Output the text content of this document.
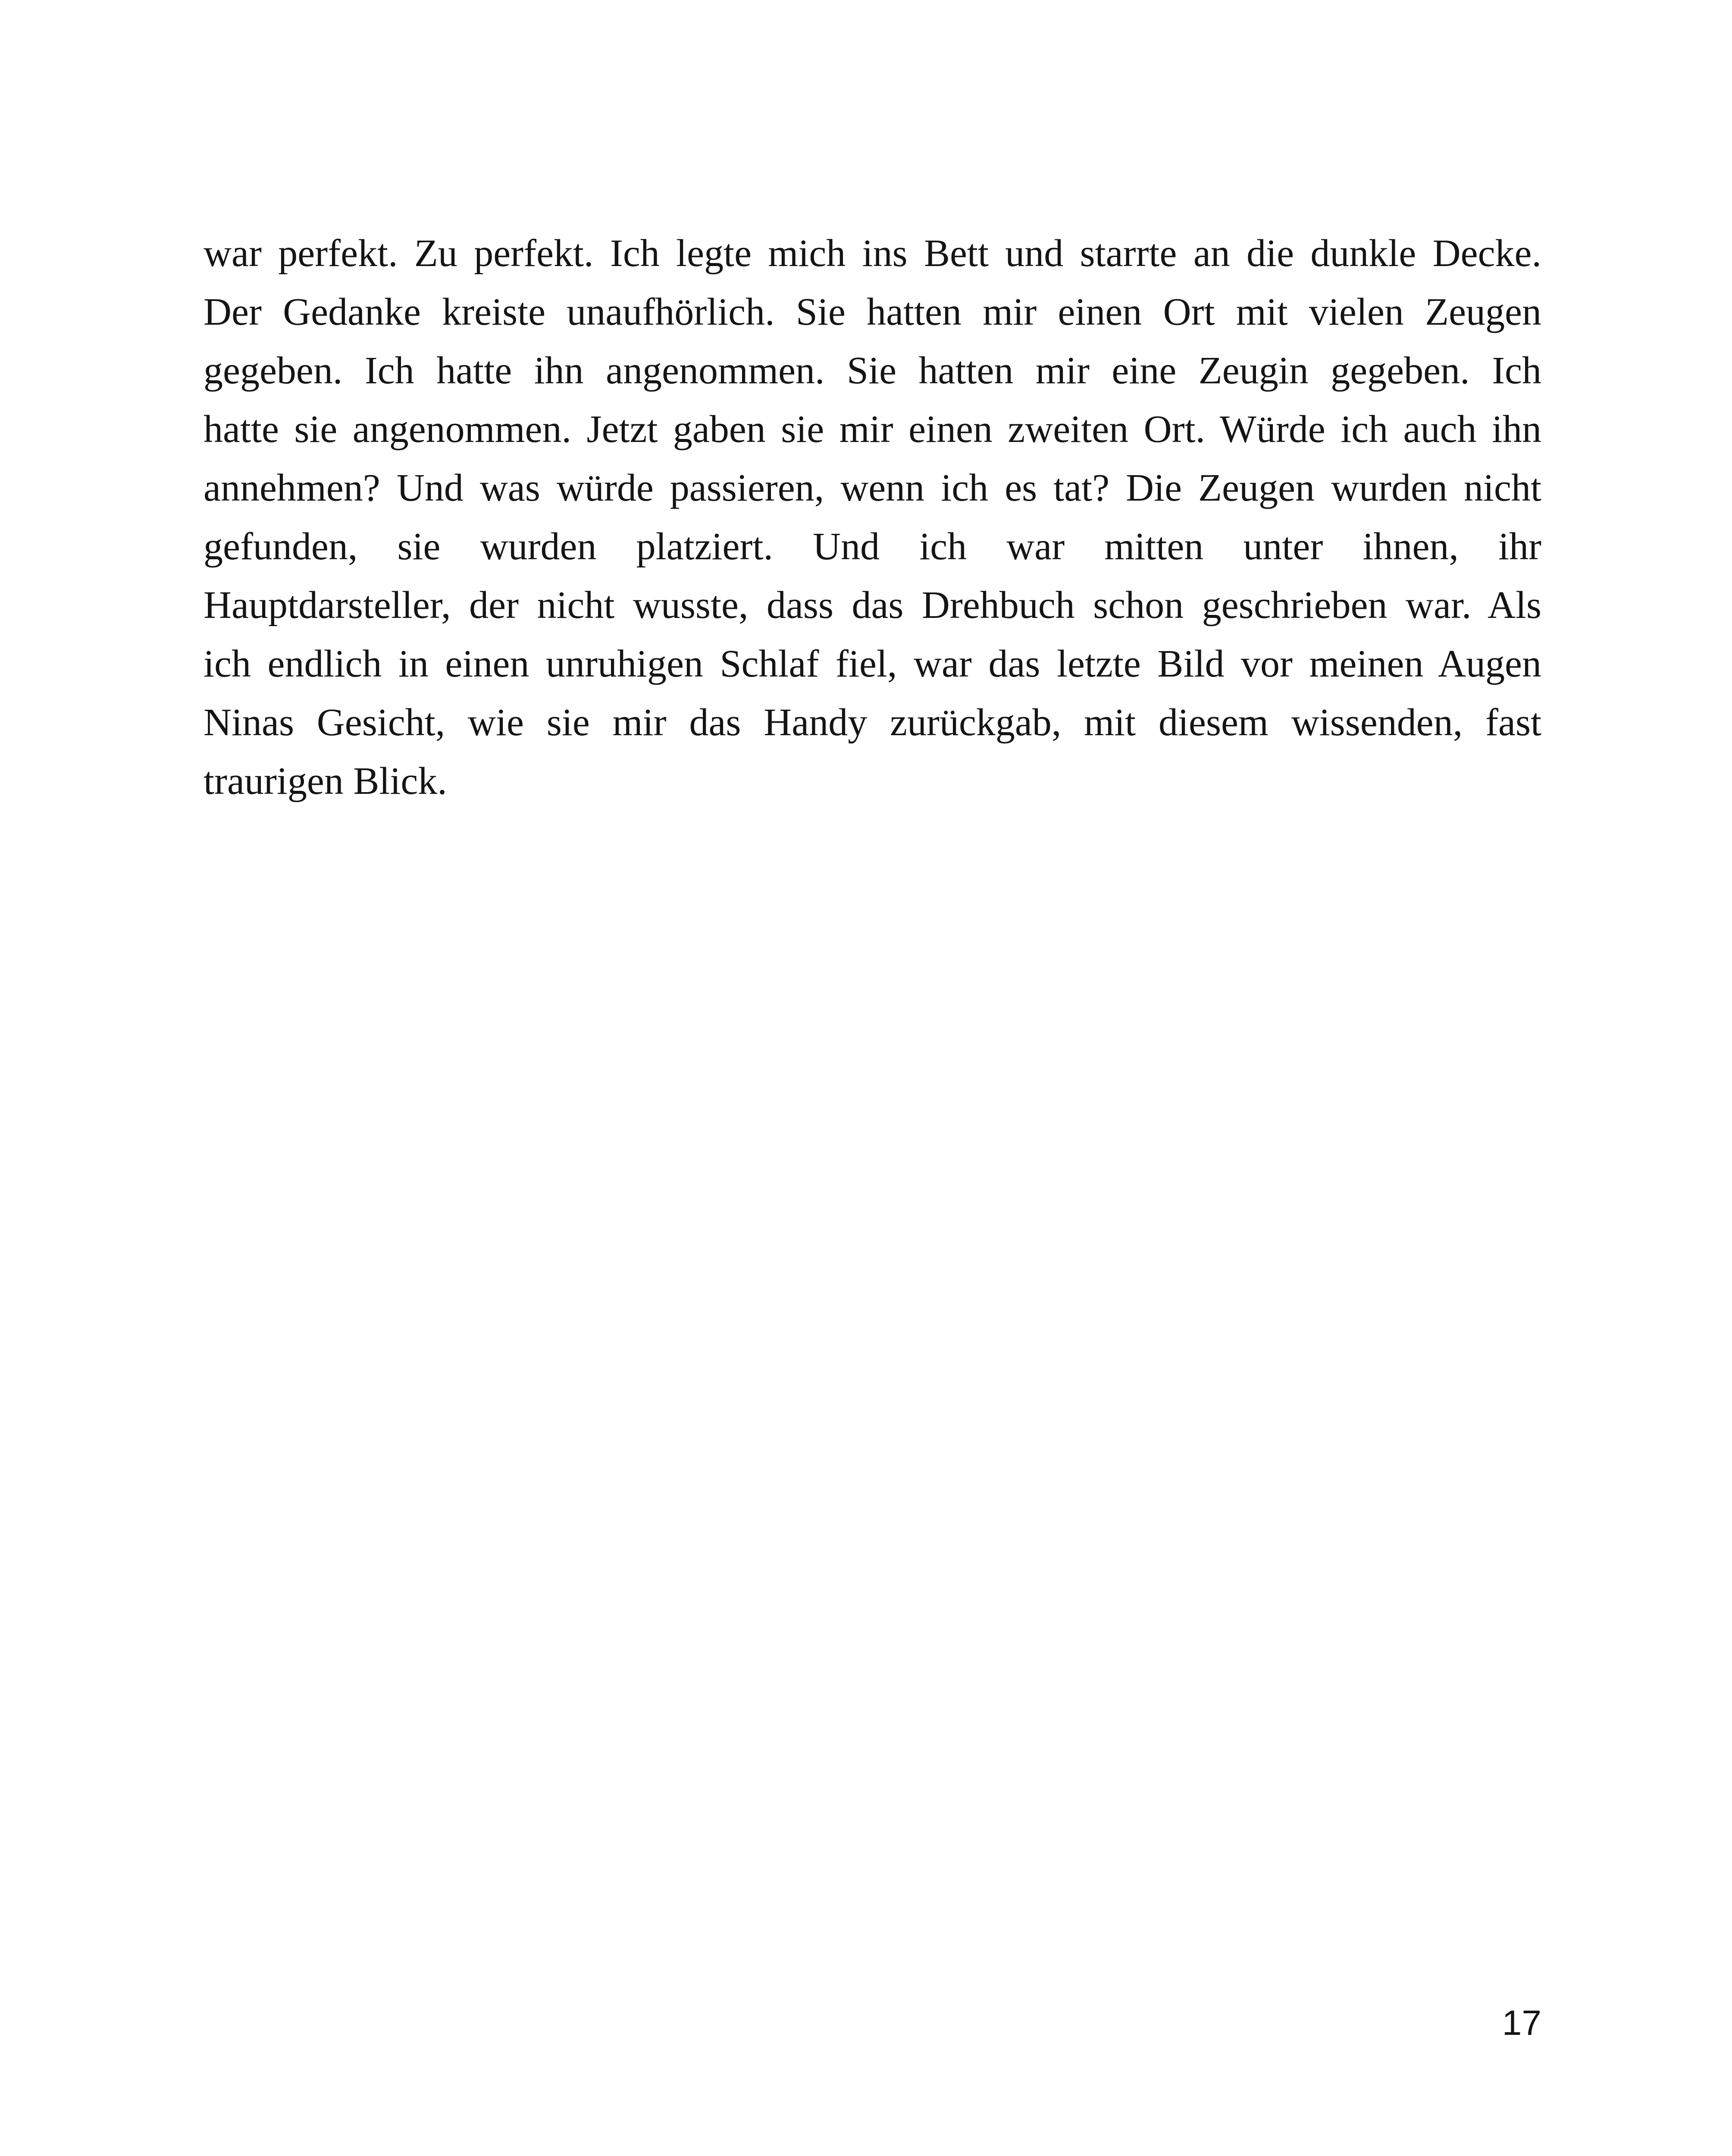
war perfekt. Zu perfekt. Ich legte mich ins Bett und starrte an die dunkle Decke.
Der Gedanke kreiste unaufhörlich. Sie hatten mir einen Ort mit vielen Zeugen
gegeben. Ich hatte ihn angenommen. Sie hatten mir eine Zeugin gegeben. Ich
hatte sie angenommen. Jetzt gaben sie mir einen zweiten Ort. Würde ich auch ihn
annehmen? Und was würde passieren, wenn ich es tat? Die Zeugen wurden nicht
gefunden, sie wurden platziert. Und ich war mitten unter ihnen, ihr
Hauptdarsteller, der nicht wusste, dass das Drehbuch schon geschrieben war. Als
ich endlich in einen unruhigen Schlaf fiel, war das letzte Bild vor meinen Augen
Ninas Gesicht, wie sie mir das Handy zurückgab, mit diesem wissenden, fast
traurigen Blick.
17
